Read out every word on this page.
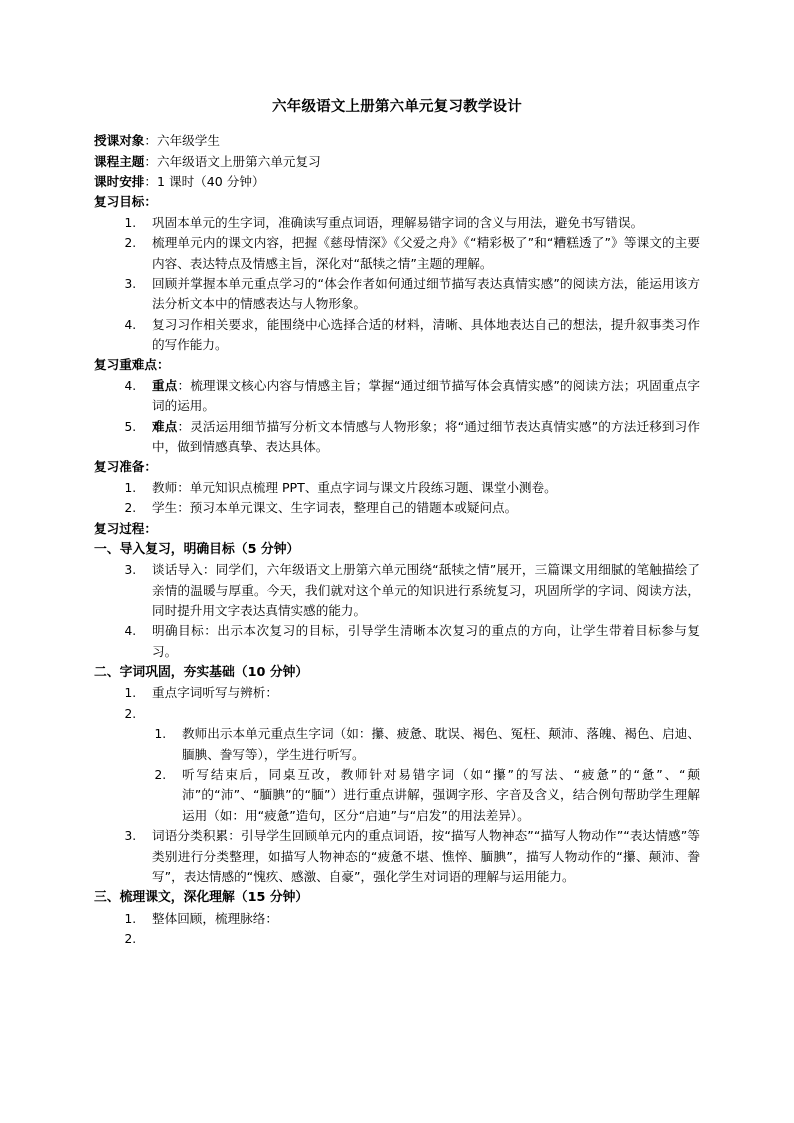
六年级语文上册第六单元复习教学设计

授课对象：六年级学生

课程主题：六年级语文上册第六单元复习

课时安排：1 课时（40 分钟）

复习目标：

1. 巩固本单元的生字词，准确读写重点词语，理解易错字词的含义与用法，避免书写错误。
2. 梳理单元内的课文内容，把握《慈母情深》《父爱之舟》《“精彩极了”和“糟糕透了”》等课文的主要内容、表达特点及情感主旨，深化对“舐犊之情”主题的理解。
3. 回顾并掌握本单元重点学习的“体会作者如何通过细节描写表达真情实感”的阅读方法，能运用该方法分析文本中的情感表达与人物形象。
4. 复习习作相关要求，能围绕中心选择合适的材料，清晰、具体地表达自己的想法，提升叙事类习作的写作能力。

复习重难点：

4. 重点：梳理课文核心内容与情感主旨；掌握“通过细节描写体会真情实感”的阅读方法；巩固重点字词的运用。
5. 难点：灵活运用细节描写分析文本情感与人物形象；将“通过细节表达真情实感”的方法迁移到习作中，做到情感真挚、表达具体。

复习准备：

1. 教师：单元知识点梳理 PPT、重点字词与课文片段练习题、课堂小测卷。
2. 学生：预习本单元课文、生字词表，整理自己的错题本或疑问点。

复习过程：

一、导入复习，明确目标（5 分钟）

3. 谈话导入：同学们，六年级语文上册第六单元围绕“舐犊之情”展开，三篇课文用细腻的笔触描绘了亲情的温暖与厚重。今天，我们就对这个单元的知识进行系统复习，巩固所学的字词、阅读方法，同时提升用文字表达真情实感的能力。
4. 明确目标：出示本次复习的目标，引导学生清晰本次复习的重点的方向，让学生带着目标参与复习。

二、字词巩固，夯实基础（10 分钟）

1. 重点字词听写与辨析：
2.
1. 教师出示本单元重点生字词（如：攥、疲惫、耽误、褐色、冤枉、颠沛、落魄、褐色、启迪、腼腆、誊写等），学生进行听写。
2. 听写结束后，同桌互改，教师针对易错字词（如“攥”的写法、“疲惫”的“惫”、“颠沛”的“沛”、“腼腆”的“腼”）进行重点讲解，强调字形、字音及含义，结合例句帮助学生理解运用（如：用“疲惫”造句，区分“启迪”与“启发”的用法差异）。
3. 词语分类积累：引导学生回顾单元内的重点词语，按“描写人物神态”“描写人物动作”“表达情感”等类别进行分类整理，如描写人物神态的“疲惫不堪、憔悴、腼腆”，描写人物动作的“攥、颠沛、誊写”，表达情感的“愧疚、感激、自豪”，强化学生对词语的理解与运用能力。

三、梳理课文，深化理解（15 分钟）

1. 整体回顾，梳理脉络：
2.
